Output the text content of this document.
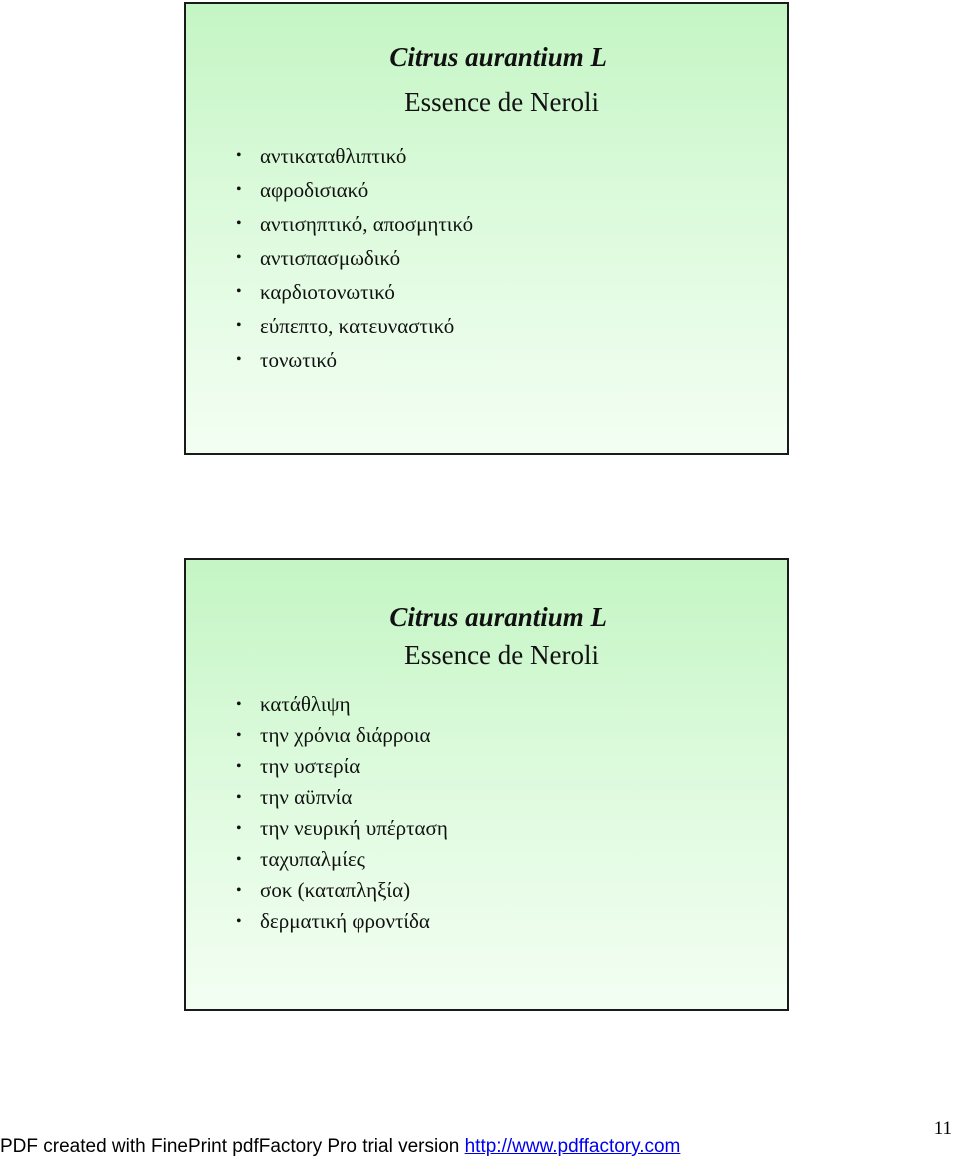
Citrus aurantium L
Essence de Neroli
• αντικαταθλιπτικό
• αφροδισιακό
• αντισηπτικό, αποσμητικό
• αντισπασμωδικό
• καρδιοτονωτικό
• εύπεπτο, κατευναστικό
• τονωτικό
Citrus aurantium L
Essence de Neroli
• κατάθλιψη
• την χρόνια διάρροια
• την υστερία
• την αϋπνία
• την νευρική υπέρταση
• ταχυπαλμίες
• σοκ (καταπληξία)
• δερματική φροντίδα
11
PDF created with FinePrint pdfFactory Pro trial version http://www.pdffactory.com
